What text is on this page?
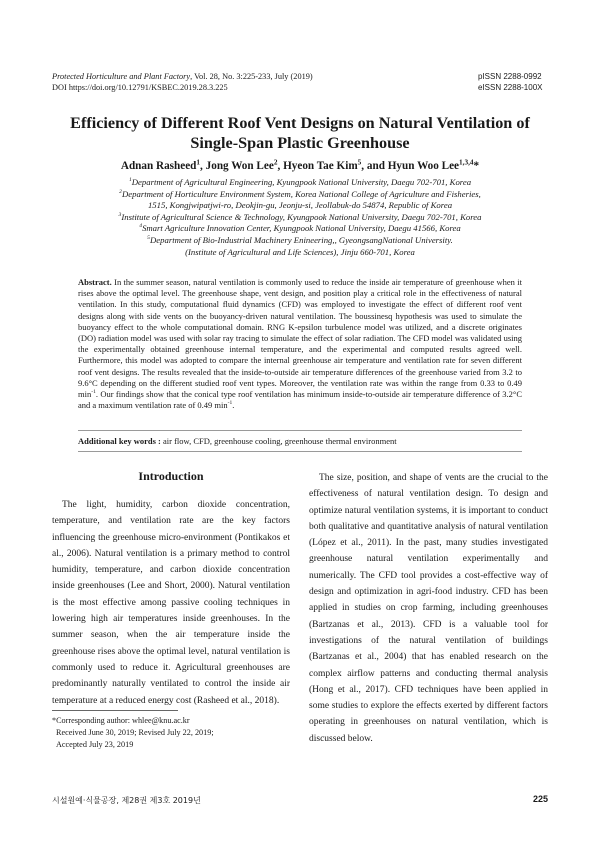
Protected Horticulture and Plant Factory, Vol. 28, No. 3:225-233, July (2019)
DOI https://doi.org/10.12791/KSBEC.2019.28.3.225
pISSN 2288-0992
eISSN 2288-100X
Efficiency of Different Roof Vent Designs on Natural Ventilation of
Single-Span Plastic Greenhouse
Adnan Rasheed$^1$, Jong Won Lee$^2$, Hyeon Tae Kim$^5$, and Hyun Woo Lee$^{1,3,4}$*
$^1$Department of Agricultural Engineering, Kyungpook National University, Daegu 702-701, Korea
$^2$Department of Horticulture Environment System, Korea National College of Agriculture and Fisheries,
1515, Kongjwipatjwi-ro, Deokjin-gu, Jeonju-si, Jeollabuk-do 54874, Republic of Korea
$^3$Institute of Agricultural Science & Technology, Kyungpook National University, Daegu 702-701, Korea
$^4$Smart Agriculture Innovation Center, Kyungpook National University, Daegu 41566, Korea
$^5$Department of Bio-Industrial Machinery Enineering,, GyeongsangNational University.
(Institute of Agricultural and Life Sciences), Jinju 660-701, Korea
Abstract. In the summer season, natural ventilation is commonly used to reduce the inside air temperature of greenhouse when it rises above the optimal level. The greenhouse shape, vent design, and position play a critical role in the effectiveness of natural ventilation. In this study, computational fluid dynamics (CFD) was employed to investigate the effect of different roof vent designs along with side vents on the buoyancy-driven natural ventilation. The boussinesq hypothesis was used to simulate the buoyancy effect to the whole computational domain. RNG K-epsilon turbulence model was utilized, and a discrete originates (DO) radiation model was used with solar ray tracing to simulate the effect of solar radiation. The CFD model was validated using the experimentally obtained greenhouse internal temperature, and the experimental and computed results agreed well. Furthermore, this model was adopted to compare the internal greenhouse air temperature and ventilation rate for seven different roof vent designs. The results revealed that the inside-to-outside air temperature differences of the greenhouse varied from 3.2 to 9.6°C depending on the different studied roof vent types. Moreover, the ventilation rate was within the range from 0.33 to 0.49 $\min^{-1}$. Our findings show that the conical type roof ventilation has minimum inside-to-outside air temperature difference of 3.2°C and a maximum ventilation rate of 0.49 $\min^{-1}$.
Additional key words : air flow, CFD, greenhouse cooling, greenhouse thermal environment
Introduction

The light, humidity, carbon dioxide concentration, temperature, and ventilation rate are the key factors influencing the greenhouse micro-environment (Pontikakos et al., 2006). Natural ventilation is a primary method to control humidity, temperature, and carbon dioxide concentration inside greenhouses (Lee and Short, 2000). Natural ventilation is the most effective among passive cooling techniques in lowering high air temperatures inside greenhouses. In the summer season, when the air temperature inside the greenhouse rises above the optimal level, natural ventilation is commonly used to reduce it. Agricultural greenhouses are predominantly naturally ventilated to control the inside air temperature at a reduced energy cost (Rasheed et al., 2018).

The size, position, and shape of vents are the crucial to the effectiveness of natural ventilation design. To design and optimize natural ventilation systems, it is important to conduct both qualitative and quantitative analysis of natural ventilation (López et al., 2011). In the past, many studies investigated greenhouse natural ventilation experimentally and numerically. The CFD tool provides a cost-effective way of design and optimization in agri-food industry. CFD has been applied in studies on crop farming, including greenhouses (Bartzanas et al., 2013). CFD is a valuable tool for investigations of the natural ventilation of buildings (Bartzanas et al., 2004) that has enabled research on the complex airflow patterns and conducting thermal analysis (Hong et al., 2017). CFD techniques have been applied in some studies to explore the effects exerted by different factors operating in greenhouses on natural ventilation, which is discussed below.

*Corresponding author: whlee@knu.ac.kr
Received June 30, 2019; Revised July 22, 2019;
Accepted July 23, 2019
시설원예·식물공장, 제28권 제3호 2019년	225
